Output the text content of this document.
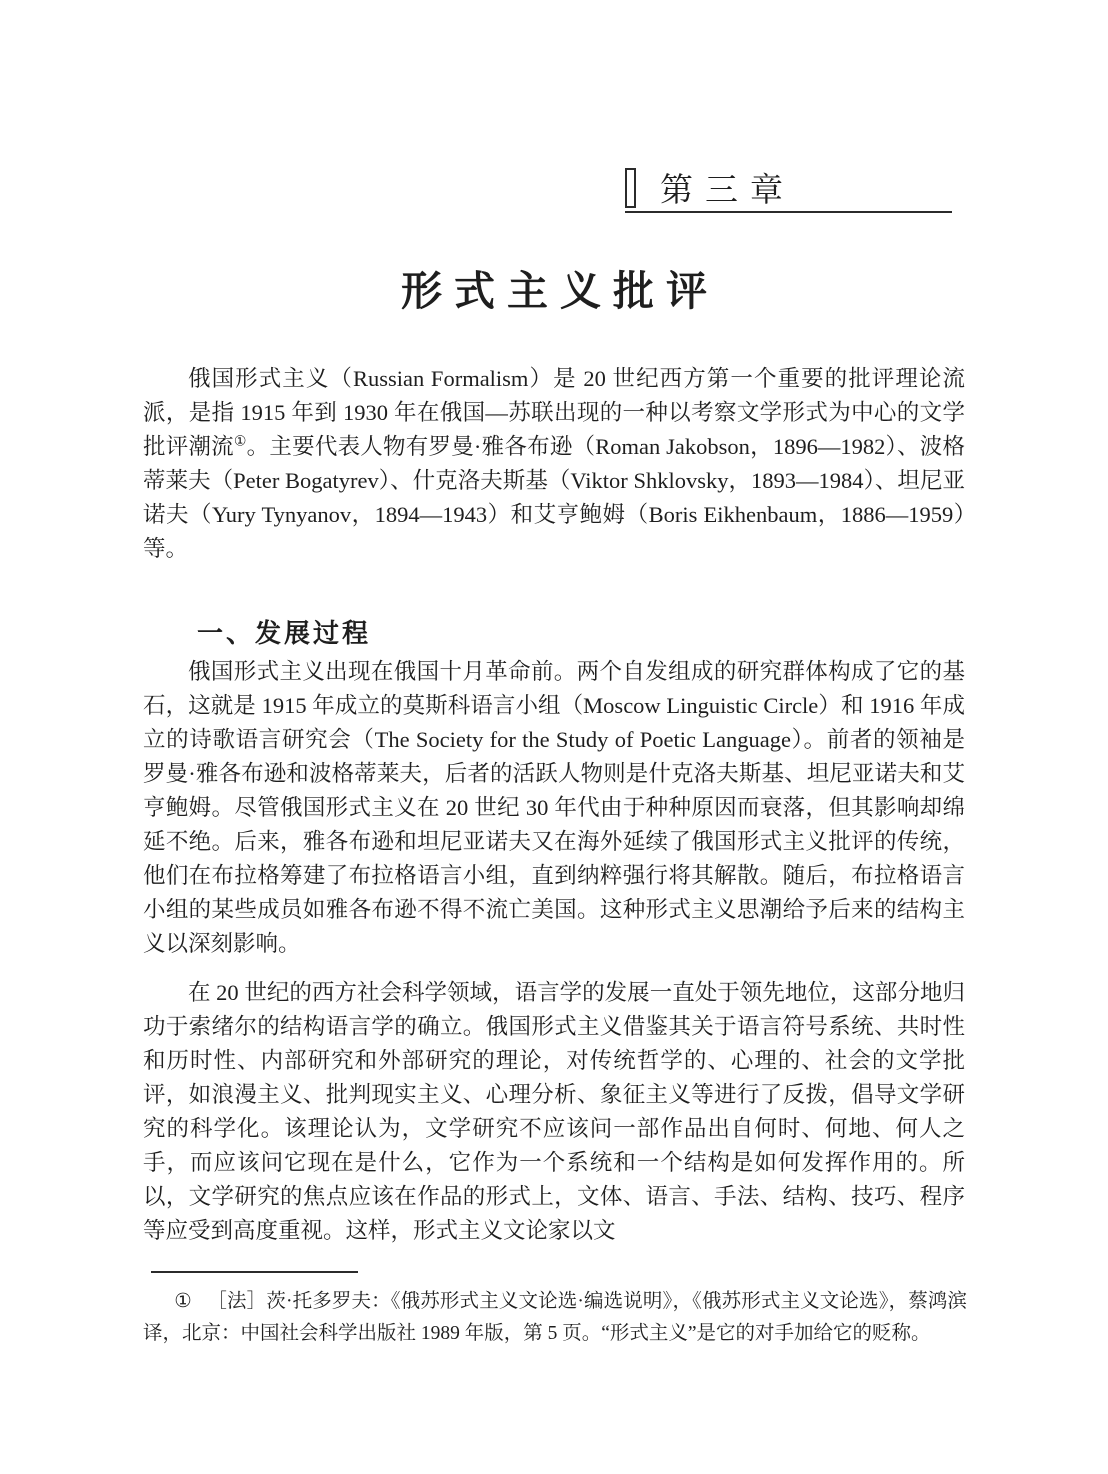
第三章
形式主义批评

俄国形式主义（Russian Formalism）是 20 世纪西方第一个重要的批评理论流派，是指 1915 年到 1930 年在俄国—苏联出现的一种以考察文学形式为中心的文学批评潮流①。主要代表人物有罗曼·雅各布逊（Roman Jakobson，1896—1982）、波格蒂莱夫（Peter Bogatyrev）、什克洛夫斯基（Viktor Shklovsky，1893—1984）、坦尼亚诺夫（Yury Tynyanov，1894—1943）和艾亨鲍姆（Boris Eikhenbaum，1886—1959）等。

一、发展过程

俄国形式主义出现在俄国十月革命前。两个自发组成的研究群体构成了它的基石，这就是 1915 年成立的莫斯科语言小组（Moscow Linguistic Circle）和 1916 年成立的诗歌语言研究会（The Society for the Study of Poetic Language）。前者的领袖是罗曼·雅各布逊和波格蒂莱夫，后者的活跃人物则是什克洛夫斯基、坦尼亚诺夫和艾亨鲍姆。尽管俄国形式主义在 20 世纪 30 年代由于种种原因而衰落，但其影响却绵延不绝。后来，雅各布逊和坦尼亚诺夫又在海外延续了俄国形式主义批评的传统，他们在布拉格筹建了布拉格语言小组，直到纳粹强行将其解散。随后，布拉格语言小组的某些成员如雅各布逊不得不流亡美国。这种形式主义思潮给予后来的结构主义以深刻影响。

在 20 世纪的西方社会科学领域，语言学的发展一直处于领先地位，这部分地归功于索绪尔的结构语言学的确立。俄国形式主义借鉴其关于语言符号系统、共时性和历时性、内部研究和外部研究的理论，对传统哲学的、心理的、社会的文学批评，如浪漫主义、批判现实主义、心理分析、象征主义等进行了反拨，倡导文学研究的科学化。该理论认为，文学研究不应该问一部作品出自何时、何地、何人之手，而应该问它现在是什么，它作为一个系统和一个结构是如何发挥作用的。所以，文学研究的焦点应该在作品的形式上，文体、语言、手法、结构、技巧、程序等应受到高度重视。这样，形式主义文论家以文

① ［法］茨·托多罗夫：《俄苏形式主义文论选·编选说明》，《俄苏形式主义文论选》，蔡鸿滨译，北京：中国社会科学出版社 1989 年版，第 5 页。“形式主义”是它的对手加给它的贬称。
